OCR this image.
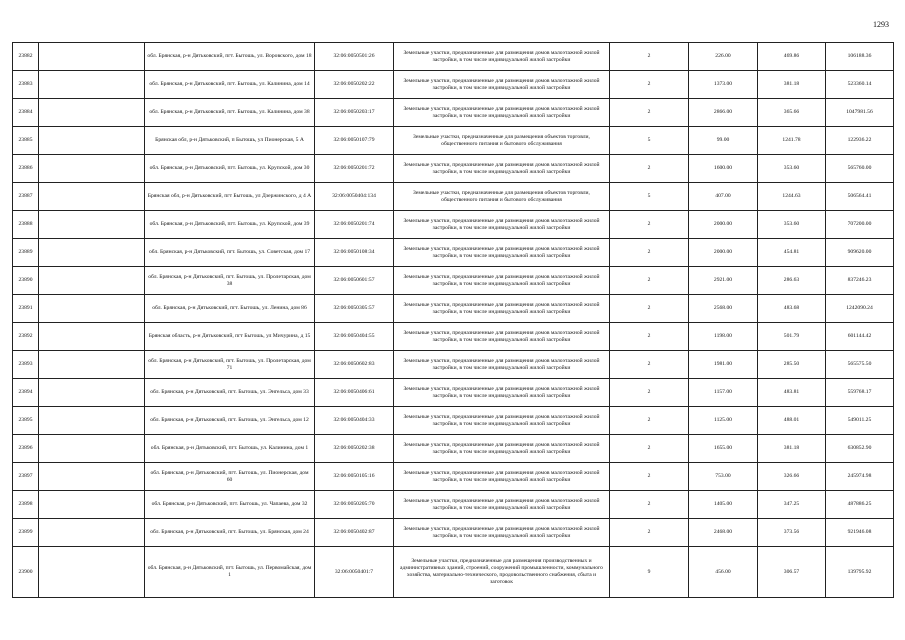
1293
23882		обл. Брянская, р-н Дятьковский, пгт. Бытошь, ул. Воровского, дом 18	32:06:0050501:26	Земельные участки, предназначенные для размещения домов малоэтажной жилой застройки, в том числе индивидуальной жилой застройки	2	226.00	469.86	106188.36
23883		обл. Брянская, р-н Дятьковский, пгт. Бытошь, ул. Калинина, дом 14	32:06:0050202:22	Земельные участки, предназначенные для размещения домов малоэтажной жилой застройки, в том числе индивидуальной жилой застройки	2	1373.00	381.18	523360.14
23884		обл. Брянская, р-н Дятьковский, пгт. Бытошь, ул. Калинина, дом 38	32:06:0050203:17	Земельные участки, предназначенные для размещения домов малоэтажной жилой застройки, в том числе индивидуальной жилой застройки	2	2866.00	365.66	1047981.56
23885		Брянская обл, р-н Дятьковский, п Бытошь, ул Пионерская, 5 А	32:06:0050107:79	Земельные участки, предназначенные для размещения объектов торговли, общественного питания и бытового обслуживания	5	99.00	1241.78	122936.22
23886		обл. Брянская, р-н Дятьковский, пгт. Бытошь, ул. Крупской, дом 30	32:06:0050201:72	Земельные участки, предназначенные для размещения домов малоэтажной жилой застройки, в том числе индивидуальной жилой застройки	2	1600.00	353.60	565760.00
23887		Брянская обл, р-н Дятьковский, пгт Бытошь, ул Дзержинского, д 4 А	32:06:0050404:134	Земельные участки, предназначенные для размещения объектов торговли, общественного питания и бытового обслуживания	5	407.00	1244.63	506564.41
23888		обл. Брянская, р-н Дятьковский, пгт. Бытошь, ул. Крупской, дом 39	32:06:0050201:74	Земельные участки, предназначенные для размещения домов малоэтажной жилой застройки, в том числе индивидуальной жилой застройки	2	2000.00	353.60	707200.00
23889		обл. Брянская, р-н Дятьковский, пгт. Бытошь, ул. Советская, дом 17	32:06:0050108:34	Земельные участки, предназначенные для размещения домов малоэтажной жилой застройки, в том числе индивидуальной жилой застройки	2	2000.00	454.81	909620.00
23890		обл. Брянская, р-н Дятьковский, пгт. Бытошь, ул. Пролетарская, дом 38	32:06:0050601:57	Земельные участки, предназначенные для размещения домов малоэтажной жилой застройки, в том числе индивидуальной жилой застройки	2	2921.00	286.63	837246.23
23891		обл. Брянская, р-н Дятьковский, пгт. Бытошь, ул. Ленина, дом 86	32:06:0050305:57	Земельные участки, предназначенные для размещения домов малоэтажной жилой застройки, в том числе индивидуальной жилой застройки	2	2568.00	483.68	1242090.24
23892		Брянская область, р-н Дятьковский, пгт Бытошь, ул Мичурина, д 15	32:06:0050404:55	Земельные участки, предназначенные для размещения домов малоэтажной жилой застройки, в том числе индивидуальной жилой застройки	2	1198.00	501.79	601144.42
23893		обл. Брянская, р-н Дятьковский, пгт. Бытошь, ул. Пролетарская, дом 71	32:06:0050602:83	Земельные участки, предназначенные для размещения домов малоэтажной жилой застройки, в том числе индивидуальной жилой застройки	2	1981.00	285.50	565575.50
23894		обл. Брянская, р-н Дятьковский, пгт. Бытошь, ул. Энгельса, дом 33	32:06:0050406:61	Земельные участки, предназначенные для размещения домов малоэтажной жилой застройки, в том числе индивидуальной жилой застройки	2	1157.00	483.81	559768.17
23895		обл. Брянская, р-н Дятьковский, пгт. Бытошь, ул. Энгельса, дом 12	32:06:0050404:33	Земельные участки, предназначенные для размещения домов малоэтажной жилой застройки, в том числе индивидуальной жилой застройки	2	1125.00	488.01	549011.25
23896		обл. Брянская, р-н Дятьковский, пгт. Бытошь, ул. Калинина, дом 1	32:06:0050202:38	Земельные участки, предназначенные для размещения домов малоэтажной жилой застройки, в том числе индивидуальной жилой застройки	2	1655.00	381.18	630852.90
23897		обл. Брянская, р-н Дятьковский, пгт. Бытошь, ул. Пионерская, дом 60	32:06:0050105:16	Земельные участки, предназначенные для размещения домов малоэтажной жилой застройки, в том числе индивидуальной жилой застройки	2	753.00	326.66	245974.98
23898		обл. Брянская, р-н Дятьковский, пгт. Бытошь, ул. Чапаева, дом 32	32:06:0050205:70	Земельные участки, предназначенные для размещения домов малоэтажной жилой застройки, в том числе индивидуальной жилой застройки	2	1405.00	347.25	487886.25
23899		обл. Брянская, р-н Дятьковский, пгт. Бытошь, ул. Брянская, дом 24	32:06:0050402:87	Земельные участки, предназначенные для размещения домов малоэтажной жилой застройки, в том числе индивидуальной жилой застройки	2	2468.00	373.56	921946.08
23900		обл. Брянская, р-н Дятьковский, пгт. Бытошь, ул. Первомайская, дом 1	32:06:0050401:7	Земельные участки, предназначенные для размещения производственных и административных зданий, строений, сооружений промышленности, коммунального хозяйства, материально-технического, продовольственного снабжения, сбыта и заготовок	9	456.00	306.57	139795.92
